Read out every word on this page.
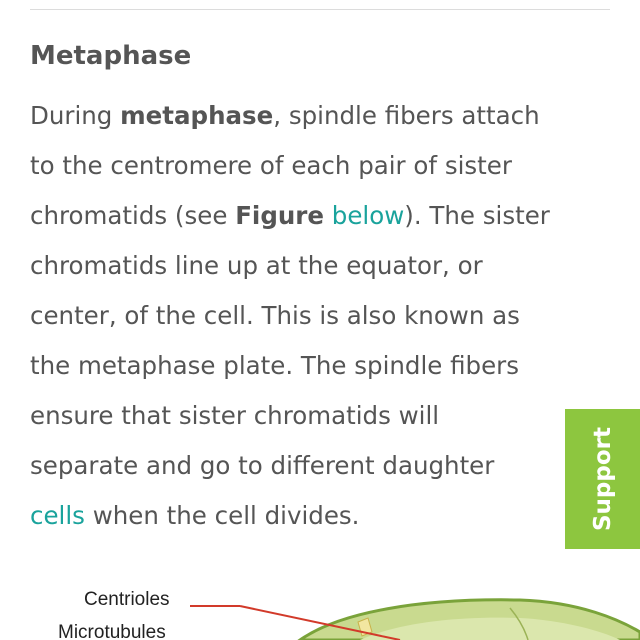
Metaphase

During metaphase, spindle fibers attach
to the centromere of each pair of sister
chromatids (see Figure below). The sister
chromatids line up at the equator, or
center, of the cell. This is also known as
the metaphase plate. The spindle fibers
ensure that sister chromatids will
separate and go to different daughter
cells when the cell divides.	Support
Centrioles
Microtubules
